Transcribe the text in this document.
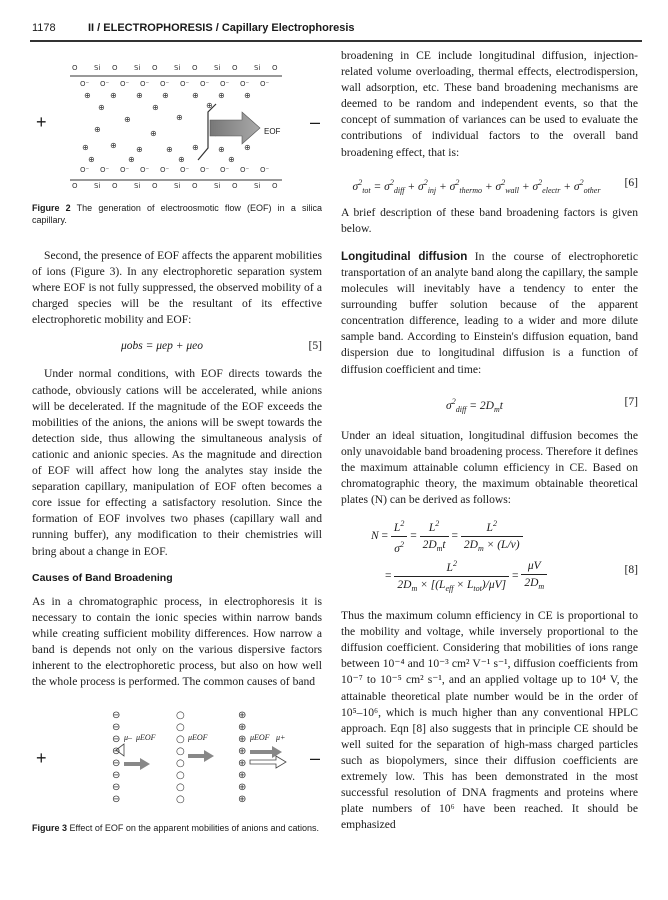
1178	II / ELECTROPHORESIS / Capillary Electrophoresis
O Si O Si O Si O Si O Si O
O⁻	O⁻	O⁻	O⁻	O⁻
O⁻	O⁻	O⁻	O⁻	O⁻
⊕ ⊕ ⊕ ⊕	⊕ ⊕ ⊕
⊕	⊕	⊕
⊕	⊕
⊕	⊕
⊕	⊕ ⊕	⊕ ⊕ ⊕ ⊕
⊕	⊕	⊕	⊕
O⁻	O⁻	O⁻	O⁻	O⁻
O⁻	O⁻	O⁻	O⁻	O⁻
O Si O Si O Si O Si O Si O
+	–
EOF

Figure 2 The generation of electroosmotic flow (EOF) in a silica capillary.

Second, the presence of EOF affects the apparent mobilities of ions (Figure 3). In any electrophoretic separation system where EOF is not fully suppressed, the observed mobility of a charged species will be the resultant of its effective electrophoretic mobility and EOF:

μobs = μep + μeo	[5]

Under normal conditions, with EOF directs towards the cathode, obviously cations will be accelerated, while anions will be decelerated. If the magnitude of the EOF exceeds the mobilities of the anions, the anions will be swept towards the detection side, thus allowing the simultaneous analysis of cationic and anionic species. As the magnitude and direction of EOF will affect how long the analytes stay inside the separation capillary, manipulation of EOF often becomes a core issue for effecting a satisfactory resolution. Since the formation of EOF involves two phases (capillary wall and running buffer), any modification to their chemistries will bring about a change in EOF.

Causes of Band Broadening

As in a chromatographic process, in electrophoresis it is necessary to contain the ionic species within narrow bands while creating sufficient mobility differences. How narrow a band is depends not only on the various dispersive factors inherent to the electrophoretic process, but also on how well the whole process is performed. The common causes of band

⊖
⊖
⊖
⊖
⊖
⊖
⊖
⊖
○
○
○
○
○
○
○
○
⊕
⊕
⊕
⊕
⊕
⊕
⊕
⊕
+	–
μ– μEOF	μEOF	μEOF μ+

Figure 3 Effect of EOF on the apparent mobilities of anions and cations.

broadening in CE include longitudinal diffusion, injection-related volume overloading, thermal effects, electrodispersion, wall adsorption, etc. These band broadening mechanisms are deemed to be random and independent events, so that the concept of summation of variances can be used to evaluate the contributions of individual factors to the overall band broadening effect, that is:

$\sigma^2_{tot} = \sigma^2_{diff} + \sigma^2_{inj} + \sigma^2_{thermo} + \sigma^2_{wall} + \sigma^2_{electr} + \sigma^2_{other}$
[6]

A brief description of these band broadening factors is given below.

Longitudinal diffusion In the course of electrophoretic transportation of an analyte band along the capillary, the sample molecules will inevitably have a tendency to enter the surrounding buffer solution because of the apparent concentration difference, leading to a wider and more dilute sample band. According to Einstein's diffusion equation, band dispersion due to longitudinal diffusion is a function of diffusion coefficient and time:

$\sigma^2_{diff} = 2D_mt$	[7]

Under an ideal situation, longitudinal diffusion becomes the only unavoidable band broadening process. Therefore it defines the maximum attainable column efficiency in CE. Based on chromatographic theory, the maximum obtainable theoretical plates (N) can be derived as follows:

$N = \frac{L^2}{\sigma^2} = \frac{L^2}{2D_mt} = \frac{L^2}{2D_m \times (L/\nu)}$
= $\frac{L^2}{2D_m \times [(L_{eff} \times L_{tot})/\mu V]} = \frac{\mu V}{2D_m}$	[8]

Thus the maximum column efficiency in CE is proportional to the mobility and voltage, while inversely proportional to the diffusion coefficient. Considering that mobilities of ions range between 10⁻⁴ and 10⁻³ cm² V⁻¹ s⁻¹, diffusion coefficients from 10⁻⁷ to 10⁻⁵ cm² s⁻¹, and an applied voltage up to 10⁴ V, the attainable theoretical plate number would be in the order of 10⁵–10⁶, which is much higher than any conventional HPLC approach. Eqn [8] also suggests that in principle CE should be well suited for the separation of high-mass charged particles such as biopolymers, since their diffusion coefficients are extremely low. This has been demonstrated in the most successful resolution of DNA fragments and proteins where plate numbers of 10⁶ have been reached. It should be emphasized
